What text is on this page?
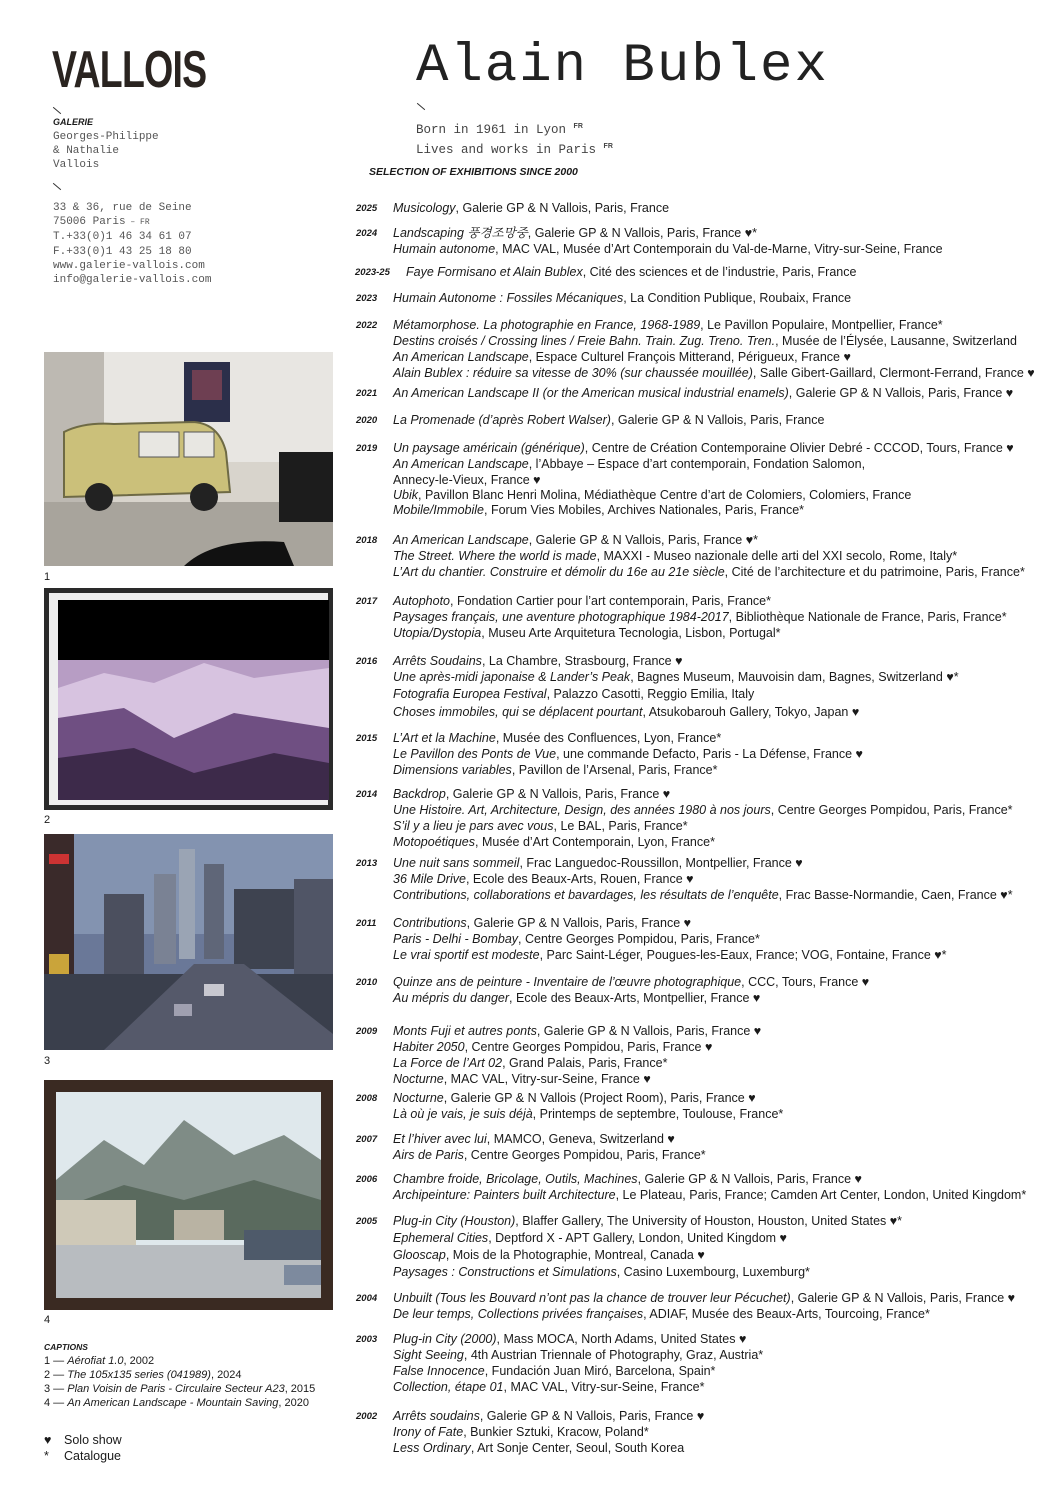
VALLOIS
GALERIE
Georges-Philippe
& Nathalie
Vallois
33 & 36, rue de Seine
75006 Paris – FR
T.+33(0)1 46 34 61 07
F.+33(0)1 43 25 18 80
www.galerie-vallois.com
info@galerie-vallois.com
Alain Bublex
Born in 1961 in Lyon $^{FR}$
Lives and works in Paris $^{FR}$
SELECTION OF EXHIBITIONS SINCE 2000
2025	Musicology, Galerie GP & N Vallois, Paris, France
2024	Landscaping 풍경조망중, Galerie GP & N Vallois, Paris, France ♥*
Humain autonome, MAC VAL, Musée d’Art Contemporain du Val-de-Marne, Vitry-sur-Seine, France
2023-25 Faye Formisano et Alain Bublex, Cité des sciences et de l’industrie, Paris, France
2023	Humain Autonome : Fossiles Mécaniques, La Condition Publique, Roubaix, France
2022	Métamorphose. La photographie en France, 1968-1989, Le Pavillon Populaire, Montpellier, France*
Destins croisés / Crossing lines / Freie Bahn. Train. Zug. Treno. Tren., Musée de l’Élysée, Lausanne, Switzerland
An American Landscape, Espace Culturel François Mitterand, Périgueux, France ♥
Alain Bublex : réduire sa vitesse de 30% (sur chaussée mouillée), Salle Gibert-Gaillard, Clermont-Ferrand, France ♥
2021	An American Landscape II (or the American musical industrial enamels), Galerie GP & N Vallois, Paris, France ♥
2020	La Promenade (d’après Robert Walser), Galerie GP & N Vallois, Paris, France
2019	Un paysage américain (générique), Centre de Création Contemporaine Olivier Debré - CCCOD, Tours, France ♥
An American Landscape, l’Abbaye – Espace d’art contemporain, Fondation Salomon,
Annecy-le-Vieux, France ♥
Ubik, Pavillon Blanc Henri Molina, Médiathèque Centre d’art de Colomiers, Colomiers, France
Mobile/Immobile, Forum Vies Mobiles, Archives Nationales, Paris, France*
2018	An American Landscape, Galerie GP & N Vallois, Paris, France ♥*
The Street. Where the world is made, MAXXI - Museo nazionale delle arti del XXI secolo, Rome, Italy*
L’Art du chantier. Construire et démolir du 16e au 21e siècle, Cité de l’architecture et du patrimoine, Paris, France*
2017	Autophoto, Fondation Cartier pour l’art contemporain, Paris, France*
Paysages français, une aventure photographique 1984-2017, Bibliothèque Nationale de France, Paris, France*
Utopia/Dystopia, Museu Arte Arquitetura Tecnologia, Lisbon, Portugal*
2016	Arrêts Soudains, La Chambre, Strasbourg, France ♥
Une après-midi japonaise & Lander’s Peak, Bagnes Museum, Mauvoisin dam, Bagnes, Switzerland ♥*
Fotografia Europea Festival, Palazzo Casotti, Reggio Emilia, Italy
Choses immobiles, qui se déplacent pourtant, Atsukobarouh Gallery, Tokyo, Japan ♥
2015	L’Art et la Machine, Musée des Confluences, Lyon, France*
Le Pavillon des Ponts de Vue, une commande Defacto, Paris - La Défense, France ♥
Dimensions variables, Pavillon de l’Arsenal, Paris, France*
2014	Backdrop, Galerie GP & N Vallois, Paris, France ♥
Une Histoire. Art, Architecture, Design, des années 1980 à nos jours, Centre Georges Pompidou, Paris, France*
S’il y a lieu je pars avec vous, Le BAL, Paris, France*
Motopoétiques, Musée d’Art Contemporain, Lyon, France*
2013	Une nuit sans sommeil, Frac Languedoc-Roussillon, Montpellier, France ♥
36 Mile Drive, Ecole des Beaux-Arts, Rouen, France ♥
Contributions, collaborations et bavardages, les résultats de l’enquête, Frac Basse-Normandie, Caen, France ♥*
2011	Contributions, Galerie GP & N Vallois, Paris, France ♥
Paris - Delhi - Bombay, Centre Georges Pompidou, Paris, France*
Le vrai sportif est modeste, Parc Saint-Léger, Pougues-les-Eaux, France; VOG, Fontaine, France ♥*
2010	Quinze ans de peinture - Inventaire de l’œuvre photographique, CCC, Tours, France ♥
Au mépris du danger, Ecole des Beaux-Arts, Montpellier, France ♥
2009	Monts Fuji et autres ponts, Galerie GP & N Vallois, Paris, France ♥
Habiter 2050, Centre Georges Pompidou, Paris, France ♥
La Force de l’Art 02, Grand Palais, Paris, France*
Nocturne, MAC VAL, Vitry-sur-Seine, France ♥
2008	Nocturne, Galerie GP & N Vallois (Project Room), Paris, France ♥
Là où je vais, je suis déjà, Printemps de septembre, Toulouse, France*
2007	Et l’hiver avec lui, MAMCO, Geneva, Switzerland ♥
Airs de Paris, Centre Georges Pompidou, Paris, France*
2006	Chambre froide, Bricolage, Outils, Machines, Galerie GP & N Vallois, Paris, France ♥
Archipeinture: Painters built Architecture, Le Plateau, Paris, France; Camden Art Center, London, United Kingdom*
2005	Plug-in City (Houston), Blaffer Gallery, The University of Houston, Houston, United States ♥*
Ephemeral Cities, Deptford X - APT Gallery, London, United Kingdom ♥
Glooscap, Mois de la Photographie, Montreal, Canada ♥
Paysages : Constructions et Simulations, Casino Luxembourg, Luxemburg*
2004	Unbuilt (Tous les Bouvard n’ont pas la chance de trouver leur Pécuchet), Galerie GP & N Vallois, Paris, France ♥
De leur temps, Collections privées françaises, ADIAF, Musée des Beaux-Arts, Tourcoing, France*
2003	Plug-in City (2000), Mass MOCA, North Adams, United States ♥
Sight Seeing, 4th Austrian Triennale of Photography, Graz, Austria*
False Innocence, Fundación Juan Miró, Barcelona, Spain*
Collection, étape 01, MAC VAL, Vitry-sur-Seine, France*
2002	Arrêts soudains, Galerie GP & N Vallois, Paris, France ♥
Irony of Fate, Bunkier Sztuki, Kracow, Poland*
Less Ordinary, Art Sonje Center, Seoul, South Korea
1
2
3
4
CAPTIONS
1 — Aérofiat 1.0, 2002
2 — The 105x135 series (041989), 2024
3 — Plan Voisin de Paris - Circulaire Secteur A23, 2015
4 — An American Landscape - Mountain Saving, 2020
♥ Solo show
* Catalogue
